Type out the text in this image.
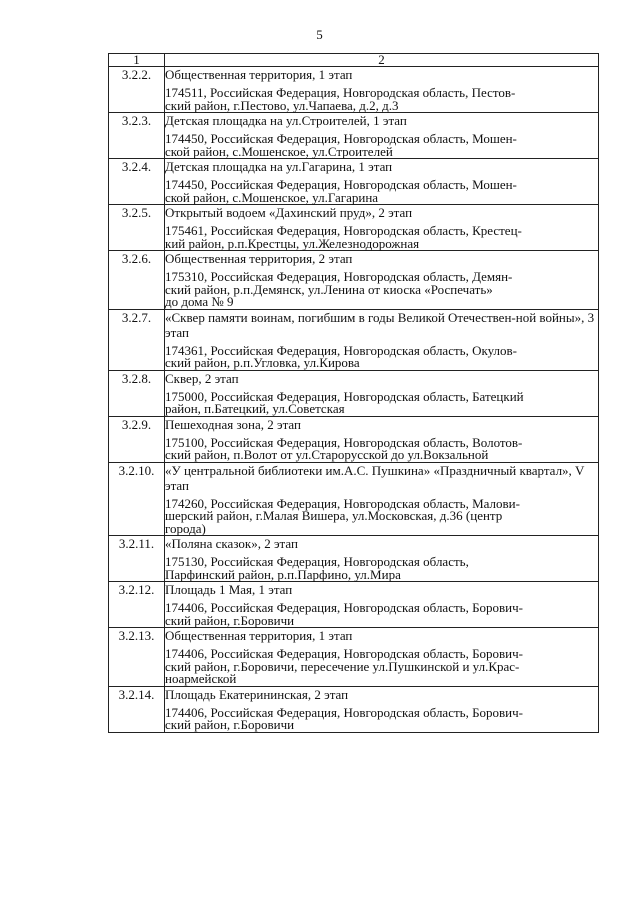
5
1	2
3.2.2.	Общественная территория, 1 этап
174511, Российская Федерация, Новгородская область, Пестов-
ский район, г.Пестово, ул.Чапаева, д.2, д.3

3.2.3.	Детская площадка на ул.Строителей, 1 этап
174450, Российская Федерация, Новгородская область, Мошен-
ской район, с.Мошенское, ул.Строителей

3.2.4.	Детская площадка на ул.Гагарина, 1 этап
174450, Российская Федерация, Новгородская область, Мошен-
ской район, с.Мошенское, ул.Гагарина

3.2.5.	Открытый водоем «Дахинский пруд», 2 этап
175461, Российская Федерация, Новгородская область, Крестец-
кий район, р.п.Крестцы, ул.Железнодорожная

3.2.6.	Общественная территория, 2 этап
175310, Российская Федерация, Новгородская область, Демян-
ский район, р.п.Демянск, ул.Ленина от киоска «Роспечать»
до дома № 9

3.2.7.	«Сквер памяти воинам, погибшим в годы Великой Отечествен-ной войны», 3 этап
174361, Российская Федерация, Новгородская область, Окулов-
ский район, р.п.Угловка, ул.Кирова

3.2.8.	Сквер, 2 этап
175000, Российская Федерация, Новгородская область, Батецкий
район, п.Батецкий, ул.Советская

3.2.9.	Пешеходная зона, 2 этап
175100, Российская Федерация, Новгородская область, Волотов-
ский район, п.Волот от ул.Старорусской до ул.Вокзальной

3.2.10.	«У центральной библиотеки им.А.С. Пушкина» «Праздничный квартал», V этап
174260, Российская Федерация, Новгородская область, Малови-
шерский район, г.Малая Вишера, ул.Московская, д.36 (центр
города)

3.2.11.	«Поляна сказок», 2 этап
175130, Российская Федерация, Новгородская область,
Парфинский район, р.п.Парфино, ул.Мира

3.2.12.	Площадь 1 Мая, 1 этап
174406, Российская Федерация, Новгородская область, Борович-
ский район, г.Боровичи

3.2.13.	Общественная территория, 1 этап
174406, Российская Федерация, Новгородская область, Борович-
ский район, г.Боровичи, пересечение ул.Пушкинской и ул.Крас-
ноармейской

3.2.14.	Площадь Екатерининская, 2 этап
174406, Российская Федерация, Новгородская область, Борович-
ский район, г.Боровичи
